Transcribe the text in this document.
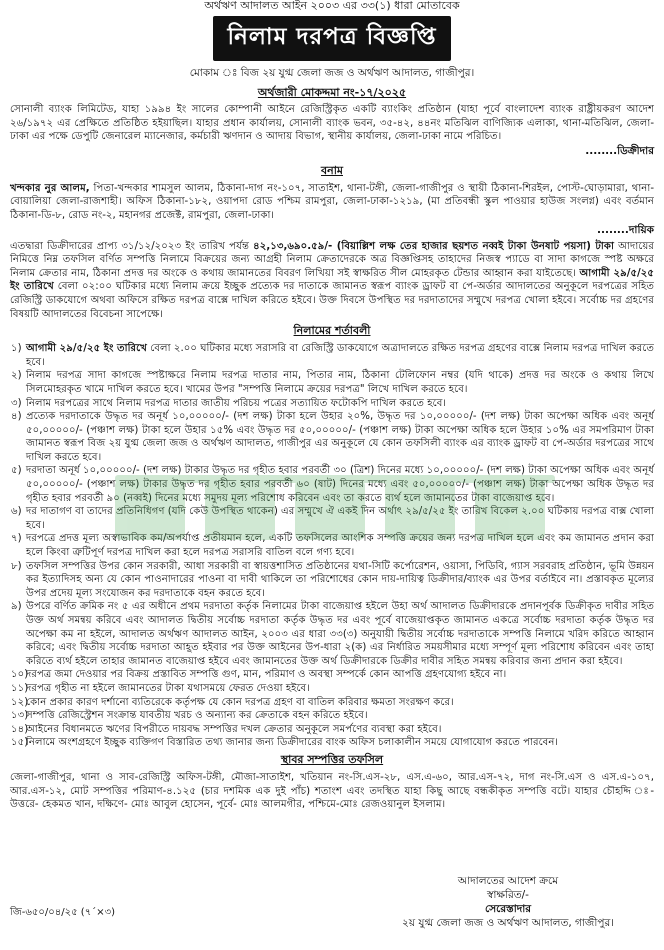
অর্থঋণ আদালত আইন ২০০৩ এর ৩৩(১) ধারা মোতাবেক
নিলাম দরপত্র বিজ্ঞপ্তি
মোকাম ঃ বিজ ২য় যুগ্ম জেলা জজ ও অর্থঋণ আদালত, গাজীপুর।
অর্থজারী মোকদ্দমা নং-১৭/২০২৫

সোনালী ব্যাংক লিমিটেড, যাহা ১৯৯৪ ইং সালের কোম্পানী আইনে রেজিস্ট্রিকৃত একটি ব্যাংকিং প্রতিষ্ঠান (যাহা পূর্বে বাংলাদেশ ব্যাংক রাষ্ট্রীয়করণ আদেশ ২৬/১৯৭২ এর প্রেক্ষিতে প্রতিষ্ঠিত হইয়াছিল। যাহার প্রধান কার্যালয়, সোনালী ব্যাংক ভবন, ৩৫-৪২, ৪৪নং মতিঝিল বাণিজ্যিক এলাকা, থানা-মতিঝিল, জেলা-ঢাকা এর পক্ষে ডেপুটি জেনারেল ম্যানেজার, কর্মচারী ঋণদান ও আদায় বিভাগ, স্থানীয় কার্যালয়, জেলা-ঢাকা নামে পরিচিত।

........ডিক্রীদার
বনাম

খন্দকার নুর আলম, পিতা-খন্দকার শামসুল আলম, ঠিকানা-দাগ নং-১০৭, সাতাইশ, থানা-টঙ্গী, জেলা-গাজীপুর ও স্থায়ী ঠিকানা-শিরইল, পোস্ট-ঘোড়ামারা, থানা-বোয়ালিয়া জেলা-রাজশাহী। অফিস ঠিকানা-১৮২, ওয়াপদা রোড পশ্চিম রামপুরা, জেলা-ঢাকা-১২১৯, (মা প্রতিবন্ধী স্কুল পাওয়ার হাউজ সংলগ্ন) এবং বর্তমান ঠিকানা-ডি-৮, রোড নং-২, মহানগর প্রজেক্ট, রামপুরা, জেলা-ঢাকা।

........দায়িক

এতদ্বারা ডিক্রীদারের প্রাপ্য ৩১/১২/২০২৩ ইং তারিখ পর্যন্ত ৪২,১৩,৬৯০.৫৯/- (বিয়াল্লিশ লক্ষ তের হাজার ছয়শত নব্বই টাকা উনষাট পয়সা) টাকা আদায়ের নিমিত্তে নিম্ন তফসিল বর্ণিত সম্পত্তি নিলামে বিক্রয়ের জন্য আগ্রহী নিলাম ক্রেতাদেরকে অত্র বিজ্ঞপ্তিসহ তাহাদের নিজস্ব প্যাডে বা সাদা কাগজে স্পষ্ট অক্ষরে নিলাম ক্রেতার নাম, ঠিকানা প্রদত্ত দর অংকে ও কথায় জামানতের বিবরণ লিখিয়া সই স্বাক্ষরিত সীল মোহরকৃত টেন্ডার আহ্বান করা যাইতেছে। আগামী ২৯/৫/২৫ ইং তারিখে বেলা ০২:০০ ঘটিকার মধ্যে নিলাম ক্রয়ে ইচ্ছুক প্রত্যেক দর দাতাকে জামানত স্বরূপ ব্যাংক ড্রাফট বা পে-অর্ডার আদালতের অনুকূলে দরপত্রের সহিত রেজিস্ট্রি ডাকযোগে অথবা অফিসে রক্ষিত দরপত্র বাক্সে দাখিল করিতে হইবে। উক্ত দিবসে উপস্থিত দর দরদাতাদের সম্মুখে দরপত্র খোলা হইবে। সর্বোচ্চ দর গ্রহণের বিষয়টি আদালতের বিবেচনা সাপেক্ষে।

নিলামের শর্তাবলী
১) আগামী ২৯/৫/২৫ ইং তারিখে বেলা ২.০০ ঘটিকার মধ্যে সরাসরি বা রেজিস্ট্রি ডাকযোগে অত্রাদালতে রক্ষিত দরপত্র গ্রহণের বাক্সে নিলাম দরপত্র দাখিল করতে হবে।
২) নিলাম দরপত্র সাদা কাগজে স্পষ্টাক্ষরে নিলাম দরপত্র দাতার নাম, পিতার নাম, ঠিকানা টেলিফোন নম্বর (যদি থাকে) প্রদত্ত দর অংকে ও কথায় লিখে সিলমোহরকৃত খামে দাখিল করতে হবে। খামের উপর "সম্পত্তি নিলামে ক্রয়ের দরপত্র" লিখে দাখিল করতে হবে।
৩) নিলাম দরপত্রের সাথে নিলাম দরপত্র দাতার জাতীয় পরিচয় পত্রের সত্যায়িত ফটোকপি দাখিল করতে হবে।
৪) প্রত্যেক দরদাতাকে উদ্ধৃত দর অনূর্ধ ১০,০০০০০/- (দশ লক্ষ) টাকা হলে উহার ২০%, উদ্ধৃত দর ১০,০০০০০/- (দশ লক্ষ) টাকা অপেক্ষা অধিক এবং অনূর্ধ ৫০,০০০০০/- (পঞ্চাশ লক্ষ) টাকা হলে উহার ১৫% এবং উদ্ধৃত দর ৫০,০০০০০/- (পঞ্চাশ লক্ষ) টাকা অপেক্ষা অধিক হলে উহার ১০% এর সমপরিমাণ টাকা জামানত স্বরূপ বিজ ২য় যুগ্ম জেলা জজ ও অর্থঋণ আদালত, গাজীপুর এর অনুকূলে যে কোন তফসিলী ব্যাংক এর ব্যাংক ড্রাফট বা পে-অর্ডার দরপত্রের সাথে দাখিল করতে হবে।
৫) দরদাতা অনূর্ধ ১০,০০০০০/- (দশ লক্ষ) টাকার উদ্ধৃত দর গৃহীত হবার পরবর্তী ৩০ (ত্রিশ) দিনের মধ্যে ১০,০০০০০/- (দশ লক্ষ) টাকা অপেক্ষা অধিক এবং অনূর্ধ ৫০,০০০০০/- (পঞ্চাশ লক্ষ) টাকার উদ্ধৃত দর গৃহীত হবার পরবর্তী ৬০ (ষাট) দিনের মধ্যে এবং ৫০,০০০০০/- (পঞ্চাশ লক্ষ) টাকা অপেক্ষা অধিক উদ্ধৃত দর গৃহীত হবার পরবর্তী ৯০ (নব্বই) দিনের মধ্যে সমুদয় মূল্য পরিশোধ করিবেন এবং তা করতে ব্যর্থ হলে জামানতের টাকা বাজেয়াপ্ত হবে।
৬) দর দাতাগণ বা তাদের প্রতিনিধিগণ (যদি কেউ উপস্থিত থাকেন) এর সম্মুখে ঐ একই দিন অর্থাৎ ২৯/৫/২৫ ইং তারিখ বিকেল ২.০০ ঘটিকায় দরপত্র বাক্স খোলা হবে।
৭) দরপত্রে প্রদত্ত মূল্য অস্বাভাবিক কম/অপর্যাপ্ত প্রতীয়মান হলে, একটি তফসিলের আংশিক সম্পত্তি ক্রয়ের জন্য দরপত্র দাখিল হলে এবং কম জামানত প্রদান করা হলে কিংবা ত্রুটিপূর্ণ দরপত্র দাখিল করা হলে দরপত্র সরাসরি বাতিল বলে গণ্য হবে।
৮) তফসিল সম্পত্তির উপর কোন সরকারী, আধা সরকারী বা স্বায়ত্তশাসিত প্রতিষ্ঠানের যথা-সিটি কর্পোরেশন, ওয়াসা, পিডিবি, গ্যাস সরবরাহ প্রতিষ্ঠান, ভূমি উন্নয়ন কর ইত্যাদিসহ অন্য যে কোন পাওনাদারের পাওনা বা দাবী থাকিলে তা পরিশোধের কোন দায়-দায়িত্ব ডিক্রীদার/ব্যাংক এর উপর বর্তাইবে না। প্রস্তাবকৃত মূল্যের উপর প্রদেয় মূল্য সংযোজন কর দরদাতাকে বহন করতে হবে।
৯) উপরে বর্ণিত ক্রমিক নং ৫ এর অধীনে প্রথম দরদাতা কর্তৃক নিলামের টাকা বাজেয়াপ্ত হইলে উহা অর্থ আদালত ডিক্রীদারকে প্রদানপূর্বক ডিক্রীকৃত দাবীর সহিত উক্ত অর্থ সমন্বয় করিবে এবং আদালত দ্বিতীয় সর্বোচ্চ দরদাতা কর্তৃক উদ্ধৃত দর এবং পূর্বে বাজেয়াপ্তকৃত জামানত একত্রে সর্বোচ্চ দরদাতা কর্তৃক উদ্ধৃত দর অপেক্ষা কম না হইলে, আদালত অর্থঋণ আদালত আইন, ২০০৩ এর ধারা ৩৩(৩) অনুযায়ী দ্বিতীয় সর্বোচ্চ দরদাতাকে সম্পত্তি নিলামে খরিদ করিতে আহ্বান করিবে; এবং দ্বিতীয় সর্বোচ্চ দরদাতা আহূত হইবার পর উক্ত আইনের উপ-ধারা ২(ক) এর নির্ধারিত সময়সীমার মধ্যে সম্পূর্ণ মূল্য পরিশোধ করিবেন এবং তাহা করিতে ব্যর্থ হইলে তাহার জামানত বাজেয়াপ্ত হইবে এবং জামানতের উক্ত অর্থ ডিক্রীদারকে ডিক্রীর দাবীর সহিত সমন্বয় করিবার জন্য প্রদান করা হইবে।
১০)
দরপত্র জমা দেওয়ার পর বিক্রয় প্রস্তাবিত সম্পত্তি গুণ, মান, পরিমাণ ও অবস্থা সম্পর্কে কোন আপত্তি গ্রহণযোগ্য হইবে না।
১১)
দরপত্র গৃহীত না হইলে জামানতের টাকা যথাসময়ে ফেরত দেওয়া হইবে।
১২)
কোন প্রকার কারণ দর্শানো ব্যতিরেকে কর্তৃপক্ষ যে কোন দরপত্র গ্রহণ বা বাতিল করিবার ক্ষমতা সংরক্ষণ করে।
১৩)
সম্পত্তি রেজিস্ট্রেশন সংক্রান্ত যাবতীয় খরচ ও অন্যান্য কর ক্রেতাকে বহন করিতে হইবে।
১৪)
আইনের বিধানমতে ঋণের বিপরীতে দায়বদ্ধ সম্পত্তির দখল ক্রেতার অনুকূলে সমর্পণের ব্যবস্থা করা হইবে।
১৫)
নিলামে অংশগ্রহণে ইচ্ছুক ব্যক্তিগণ বিস্তারিত তথ্য জানার জন্য ডিক্রীদারের বাংক অফিস চলাকালীন সময়ে যোগাযোগ করতে পারবেন।
স্থাবর সম্পত্তির তফসিল

জেলা-গাজীপুর, থানা ও সাব-রেজিস্ট্রি অফিস-টঙ্গী, মৌজা-সাতাইশ, খতিয়ান নং-সি.এস-২৮, এস.এ-৬০, আর.এস-৭২, দাগ নং-সি.এস ও এস.এ-১০৭, আর.এস-১২, মোট সম্পত্তির পরিমাণ-৪.১২৫ (চার দশমিক এক দুই পাঁচ) শতাংশ এবং তদস্থিত যাহা কিছু আছে বন্ধকীকৃত সম্পত্তি বটে। যাহার চৌহদ্দি ঃ- উত্তরে- হেকমত খান, দক্ষিণে- মোঃ আবুল হোসেন, পূর্বে- মোঃ আলমগীর, পশ্চিমে-মোঃ রেজওয়ানুল ইসলাম।

আদালতের আদেশ ক্রমে
স্বাক্ষরিত/-
সেরেস্তাদার
২য় যুগ্ম জেলা জজ ও অর্থঋণ আদালত, গাজীপুর।
জি-৬৫০/০৪/২৫ (৭´×৩)
